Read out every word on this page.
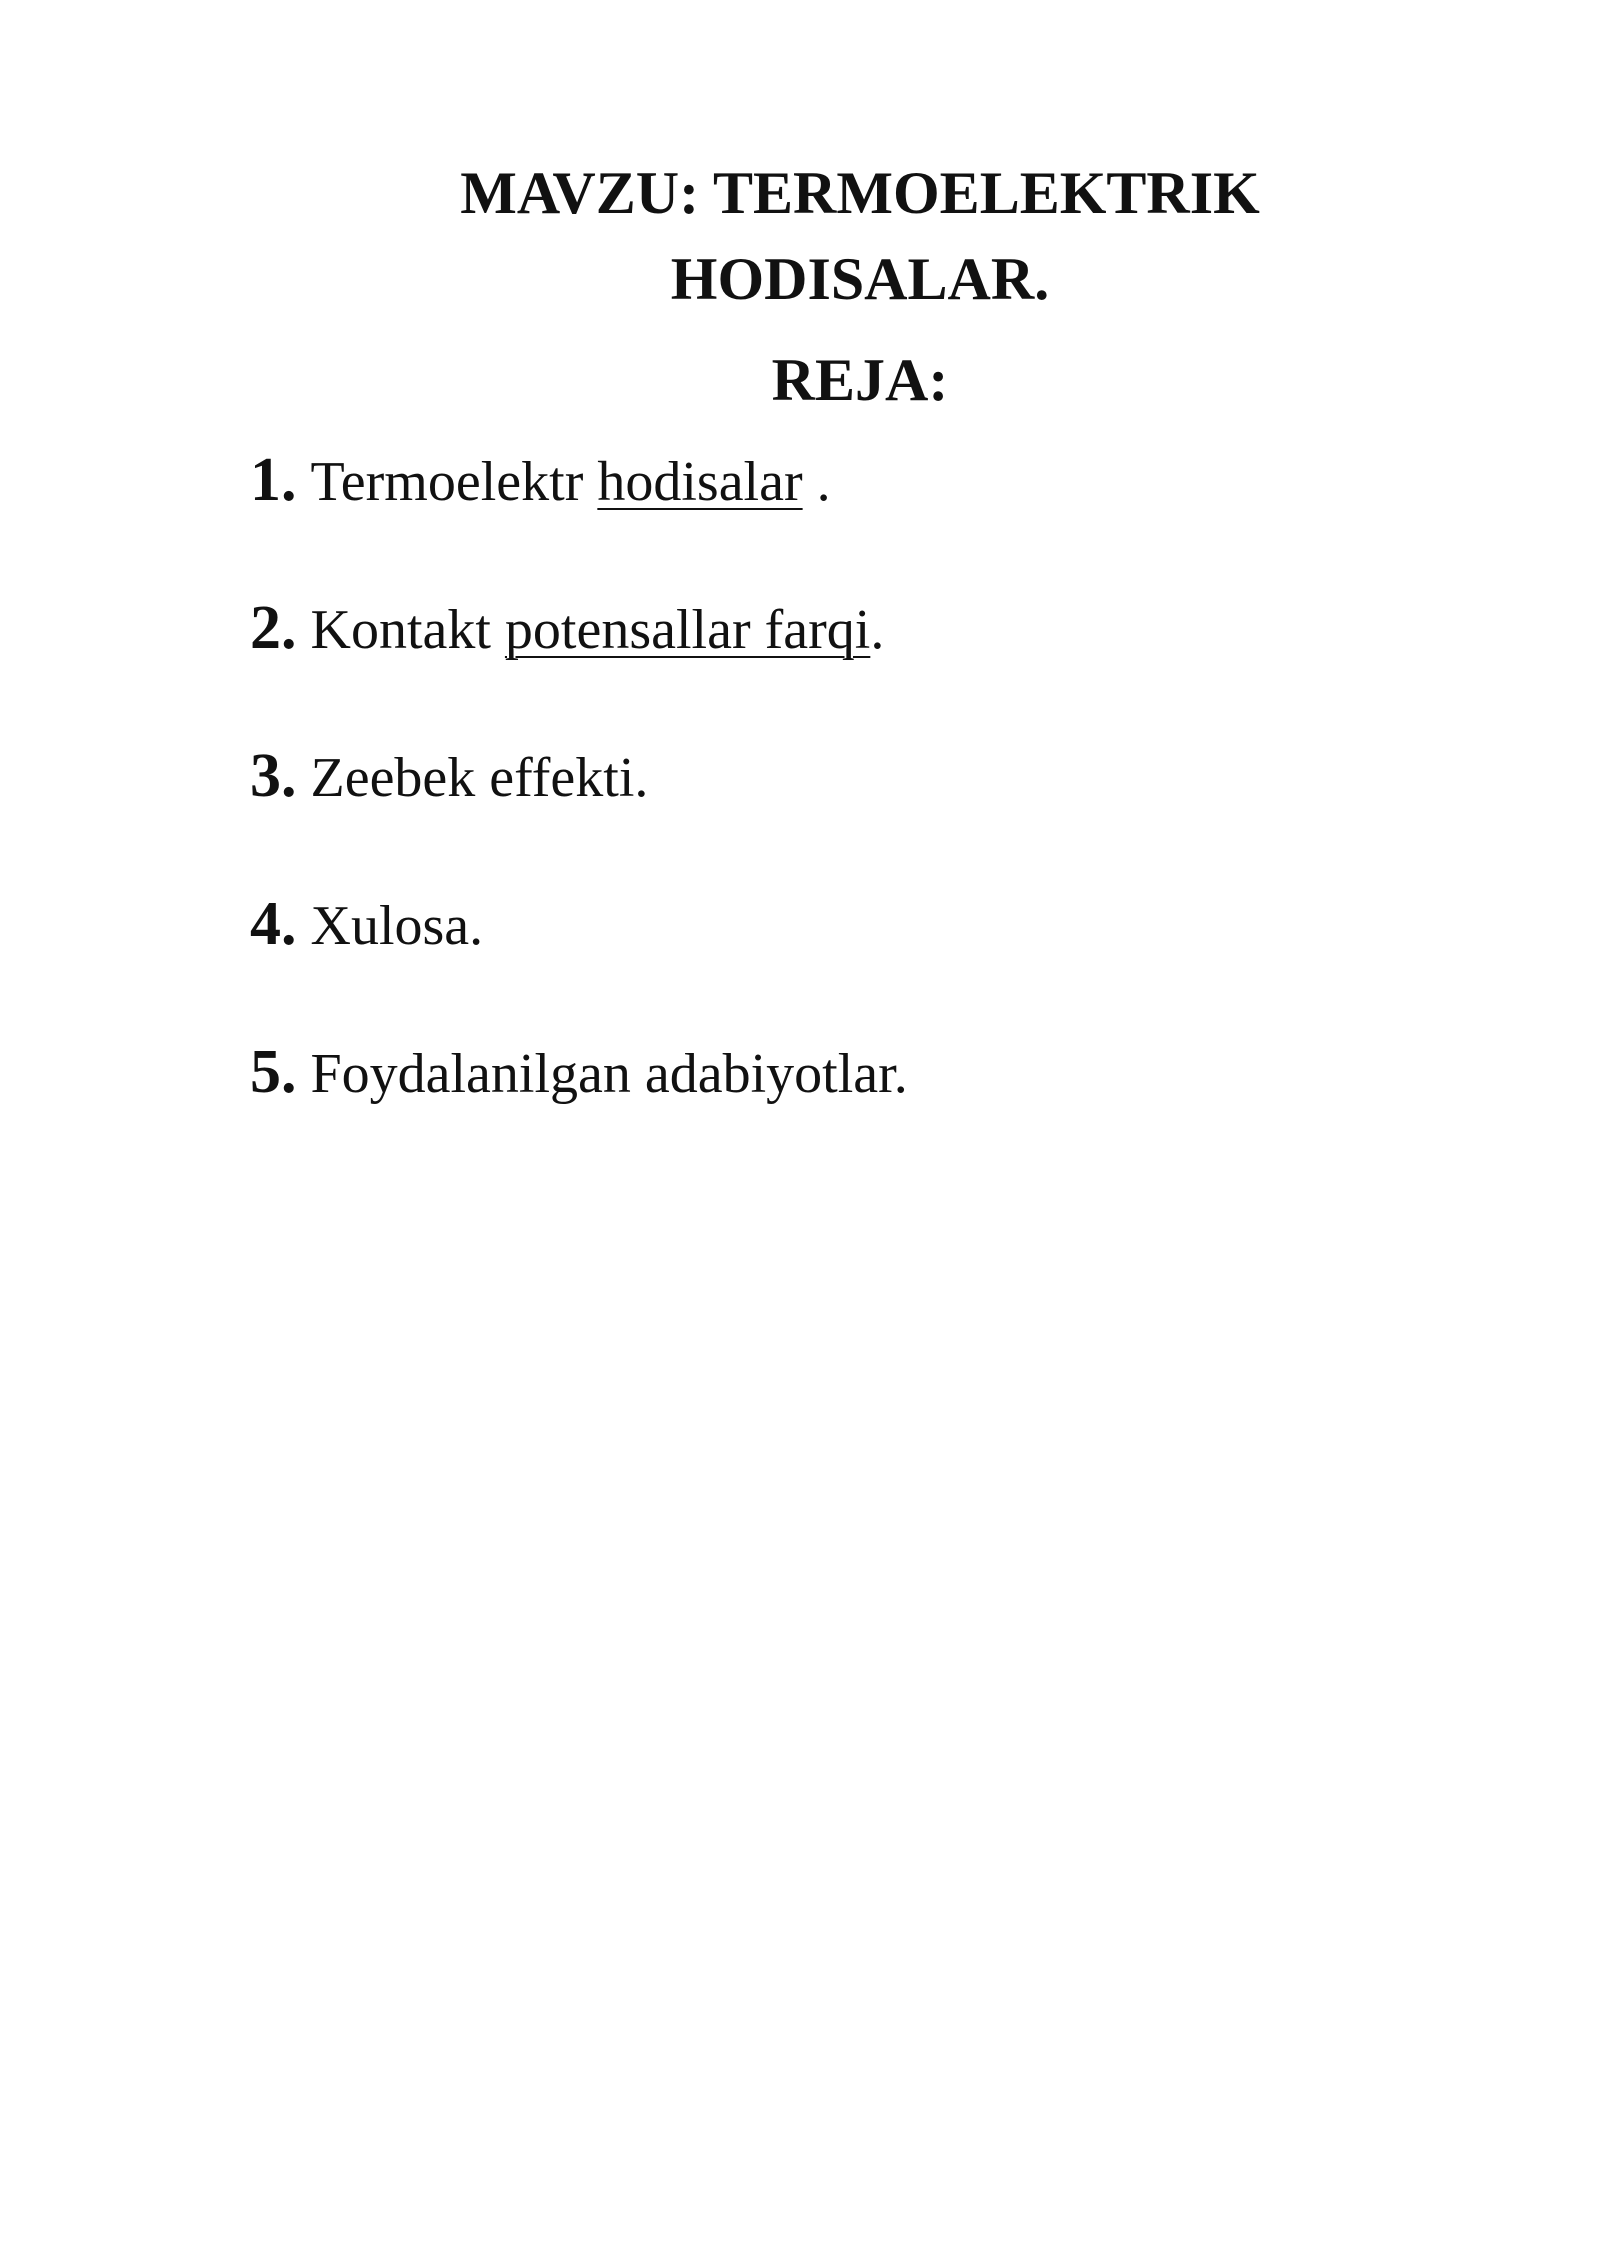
MAVZU: TERMOELEKTRIK
HODISALAR.
REJA:
1. Termoelektr hodisalar .
2. Kontakt potensallar farqi.
3. Zeebek effekti.
4. Xulosa.
5. Foydalanilgan adabiyotlar.
